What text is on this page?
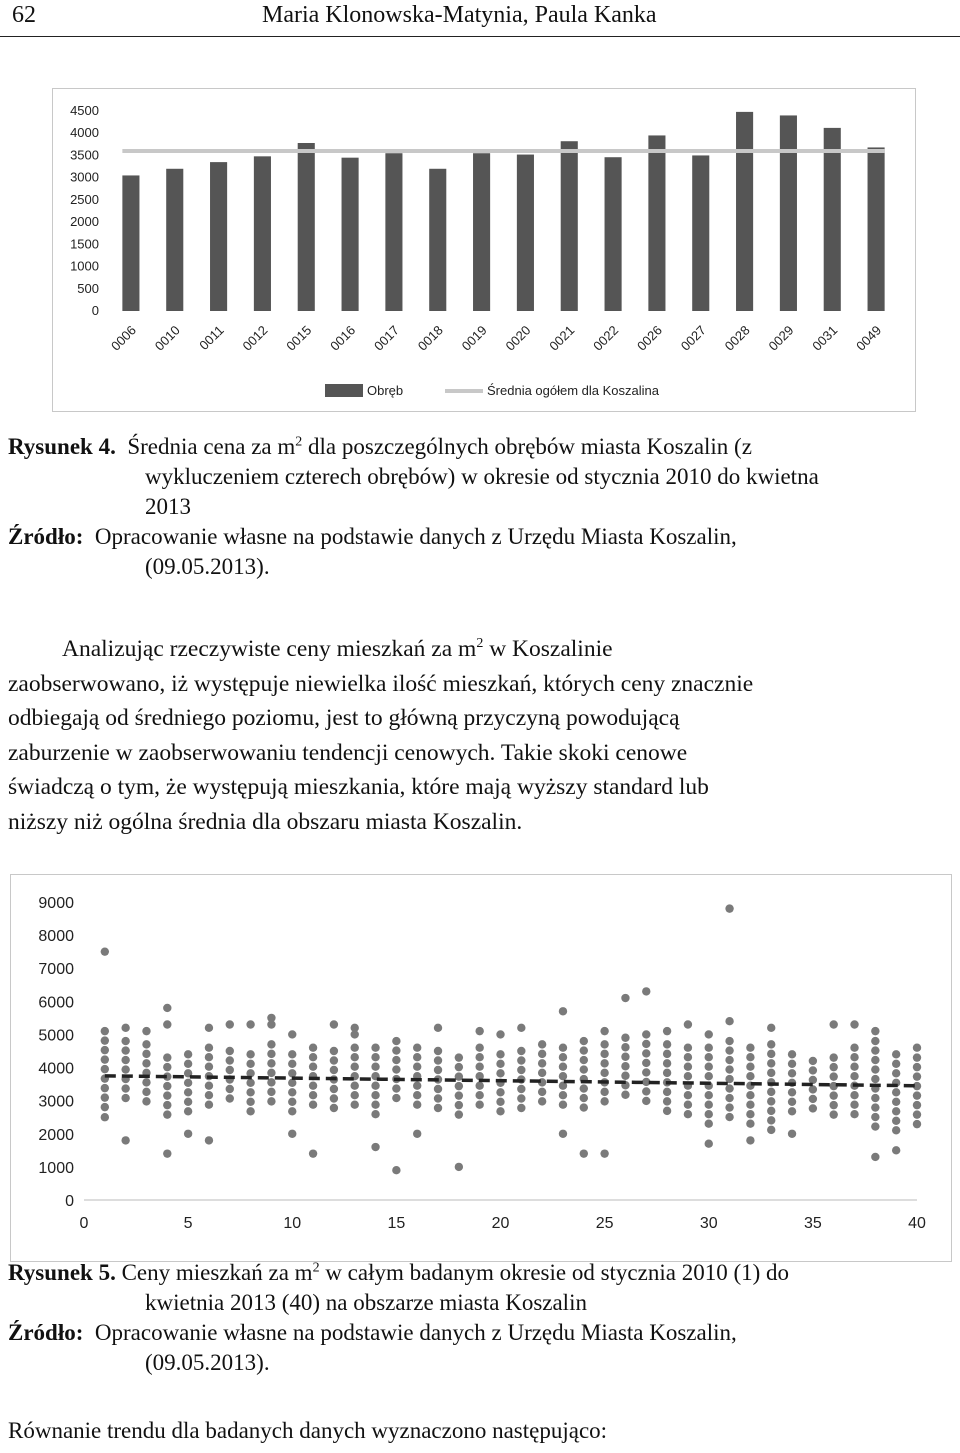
62	Maria Klonowska-Matynia, Paula Kanka
0
500
1000
1500
2000
2500
3000
3500
4000
4500
0006 0010 0011 0012 0015 0016 0017 0018 0019 0020 0021 0022 0026 0027 0028 0029 0031 0049
Obręb	Średnia ogółem dla Koszalina
Rysunek 4. Średnia cena za $m^2$ dla poszczególnych obrębów miasta Koszalin (z
wykluczeniem czterech obrębów) w okresie od stycznia 2010 do kwietna
2013
Źródło: Opracowanie własne na podstawie danych z Urzędu Miasta Koszalin,
(09.05.2013).
Analizując rzeczywiste ceny mieszkań za $m^2$ w Koszalinie
zaobserwowano, iż występuje niewielka ilość mieszkań, których ceny znacznie
odbiegają od średniego poziomu, jest to główną przyczyną powodującą
zaburzenie w zaobserwowaniu tendencji cenowych. Takie skoki cenowe
świadczą o tym, że występują mieszkania, które mają wyższy standard lub
niższy niż ogólna średnia dla obszaru miasta Koszalin.
0
1000
2000
3000
4000
5000
6000
7000
8000
9000
0	5	10	15	20	25	30	35	40
Rysunek 5. Ceny mieszkań za $m^2$ w całym badanym okresie od stycznia 2010 (1) do
kwietnia 2013 (40) na obszarze miasta Koszalin
Źródło: Opracowanie własne na podstawie danych z Urzędu Miasta Koszalin,
(09.05.2013).
Równanie trendu dla badanych danych wyznaczono następująco:
